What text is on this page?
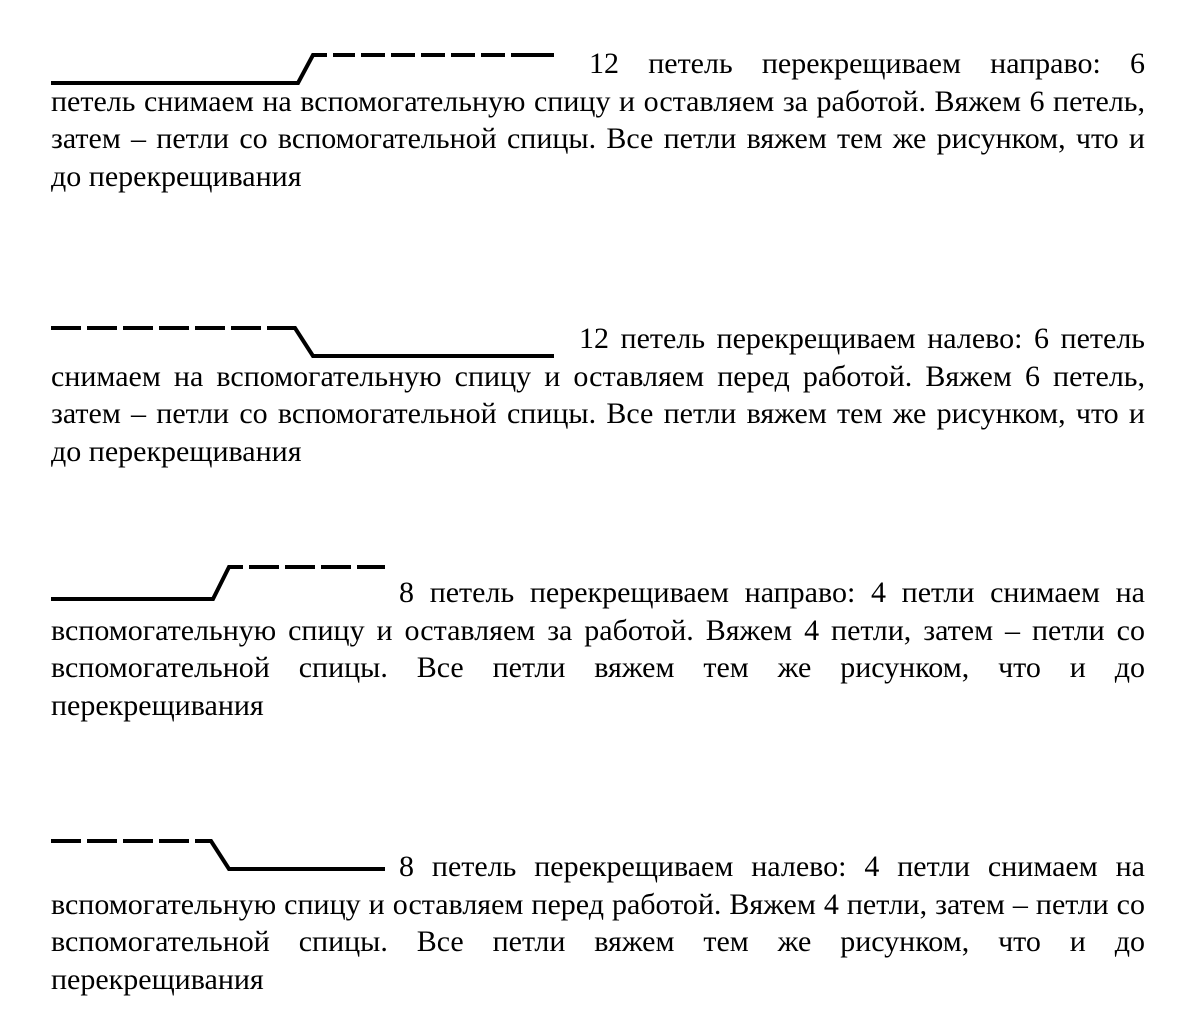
12 петель перекрещиваем направо: 6 петель снимаем на вспомогательную спицу и оставляем за работой. Вяжем 6 петель, затем – петли со вспомогательной спицы. Все петли вяжем тем же рисунком, что и до перекрещивания

12 петель перекрещиваем налево: 6 петель снимаем на вспомогательную спицу и оставляем перед работой. Вяжем 6 петель, затем – петли со вспомогательной спицы. Все петли вяжем тем же рисунком, что и до перекрещивания

8 петель перекрещиваем направо: 4 петли снимаем на вспомогательную спицу и оставляем за работой. Вяжем 4 петли, затем – петли со вспомогательной спицы. Все петли вяжем тем же рисунком, что и до перекрещивания

8 петель перекрещиваем налево: 4 петли снимаем на вспомогательную спицу и оставляем перед работой. Вяжем 4 петли, затем – петли со вспомогательной спицы. Все петли вяжем тем же рисунком, что и до перекрещивания
